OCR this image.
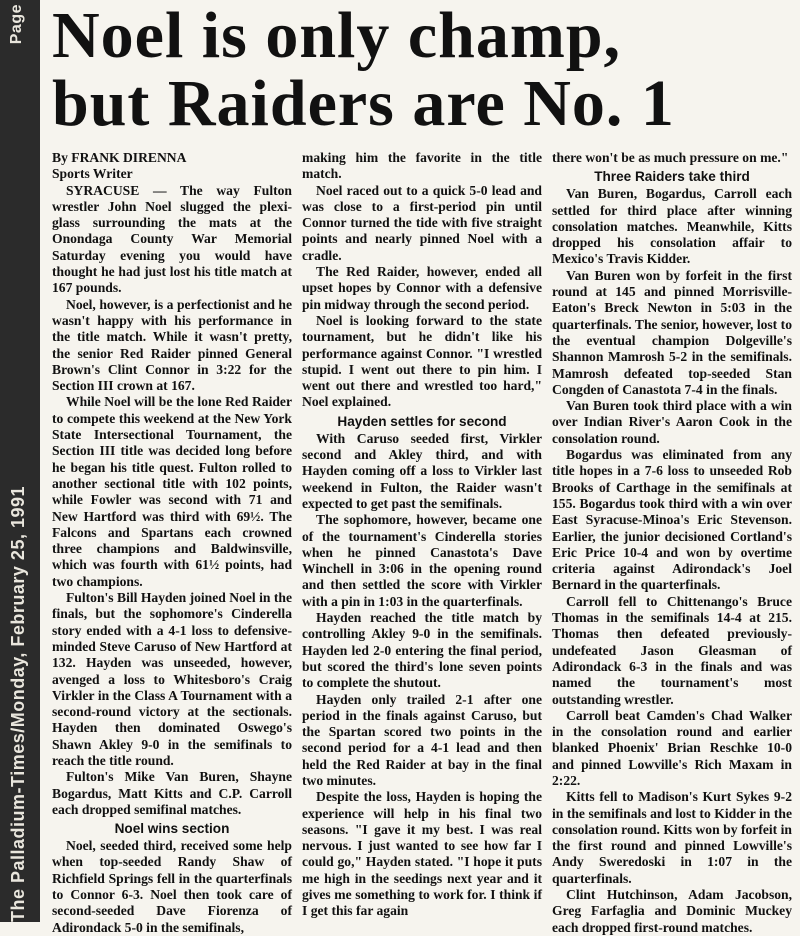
Page
The Palladium-Times/Monday, February 25, 1991
Noel is only champ,
but Raiders are No. 1
By FRANK DIRENNA
Sports Writer

SYRACUSE — The way Fulton wrestler John Noel slugged the plexi-glass surrounding the mats at the Onondaga County War Memorial Saturday evening you would have thought he had just lost his title match at 167 pounds.

Noel, however, is a perfectionist and he wasn't happy with his performance in the title match. While it wasn't pretty, the senior Red Raider pinned General Brown's Clint Connor in 3:22 for the Section III crown at 167.

While Noel will be the lone Red Raider to compete this weekend at the New York State Intersectional Tournament, the Section III title was decided long before he began his title quest. Fulton rolled to another sectional title with 102 points, while Fowler was second with 71 and New Hartford was third with 69½. The Falcons and Spartans each crowned three champions and Baldwinsville, which was fourth with 61½ points, had two champions.

Fulton's Bill Hayden joined Noel in the finals, but the sophomore's Cinderella story ended with a 4-1 loss to defensive-minded Steve Caruso of New Hartford at 132. Hayden was unseeded, however, avenged a loss to Whitesboro's Craig Virkler in the Class A Tournament with a second-round victory at the sectionals. Hayden then dominated Oswego's Shawn Akley 9-0 in the semifinals to reach the title round.

Fulton's Mike Van Buren, Shayne Bogardus, Matt Kitts and C.P. Carroll each dropped semifinal matches.

Noel wins section

Noel, seeded third, received some help when top-seeded Randy Shaw of Richfield Springs fell in the quarterfinals to Connor 6-3. Noel then took care of second-seeded Dave Fiorenza of Adirondack 5-0 in the semifinals,

making him the favorite in the title match.

Noel raced out to a quick 5-0 lead and was close to a first-period pin until Connor turned the tide with five straight points and nearly pinned Noel with a cradle.

The Red Raider, however, ended all upset hopes by Connor with a defensive pin midway through the second period.

Noel is looking forward to the state tournament, but he didn't like his performance against Connor. "I wrestled stupid. I went out there to pin him. I went out there and wrestled too hard," Noel explained.

Hayden settles for second

With Caruso seeded first, Virkler second and Akley third, and with Hayden coming off a loss to Virkler last weekend in Fulton, the Raider wasn't expected to get past the semifinals.

The sophomore, however, became one of the tournament's Cinderella stories when he pinned Canastota's Dave Winchell in 3:06 in the opening round and then settled the score with Virkler with a pin in 1:03 in the quarterfinals.

Hayden reached the title match by controlling Akley 9-0 in the semifinals. Hayden led 2-0 entering the final period, but scored the third's lone seven points to complete the shutout.

Hayden only trailed 2-1 after one period in the finals against Caruso, but the Spartan scored two points in the second period for a 4-1 lead and then held the Red Raider at bay in the final two minutes.

Despite the loss, Hayden is hoping the experience will help in his final two seasons. "I gave it my best. I was real nervous. I just wanted to see how far I could go," Hayden stated. "I hope it puts me high in the seedings next year and it gives me something to work for. I think if I get this far again

there won't be as much pressure on me."

Three Raiders take third

Van Buren, Bogardus, Carroll each settled for third place after winning consolation matches. Meanwhile, Kitts dropped his consolation affair to Mexico's Travis Kidder.

Van Buren won by forfeit in the first round at 145 and pinned Morrisville-Eaton's Breck Newton in 5:03 in the quarterfinals. The senior, however, lost to the eventual champion Dolgeville's Shannon Mamrosh 5-2 in the semifinals. Mamrosh defeated top-seeded Stan Congden of Canastota 7-4 in the finals.

Van Buren took third place with a win over Indian River's Aaron Cook in the consolation round.

Bogardus was eliminated from any title hopes in a 7-6 loss to unseeded Rob Brooks of Carthage in the semifinals at 155. Bogardus took third with a win over East Syracuse-Minoa's Eric Stevenson. Earlier, the junior decisioned Cortland's Eric Price 10-4 and won by overtime criteria against Adirondack's Joel Bernard in the quarterfinals.

Carroll fell to Chittenango's Bruce Thomas in the semifinals 14-4 at 215. Thomas then defeated previously-undefeated Jason Gleasman of Adirondack 6-3 in the finals and was named the tournament's most outstanding wrestler.

Carroll beat Camden's Chad Walker in the consolation round and earlier blanked Phoenix' Brian Reschke 10-0 and pinned Lowville's Rich Maxam in 2:22.

Kitts fell to Madison's Kurt Sykes 9-2 in the semifinals and lost to Kidder in the consolation round. Kitts won by forfeit in the first round and pinned Lowville's Andy Sweredoski in 1:07 in the quarterfinals.

Clint Hutchinson, Adam Jacobson, Greg Farfaglia and Dominic Muckey each dropped first-round matches.
